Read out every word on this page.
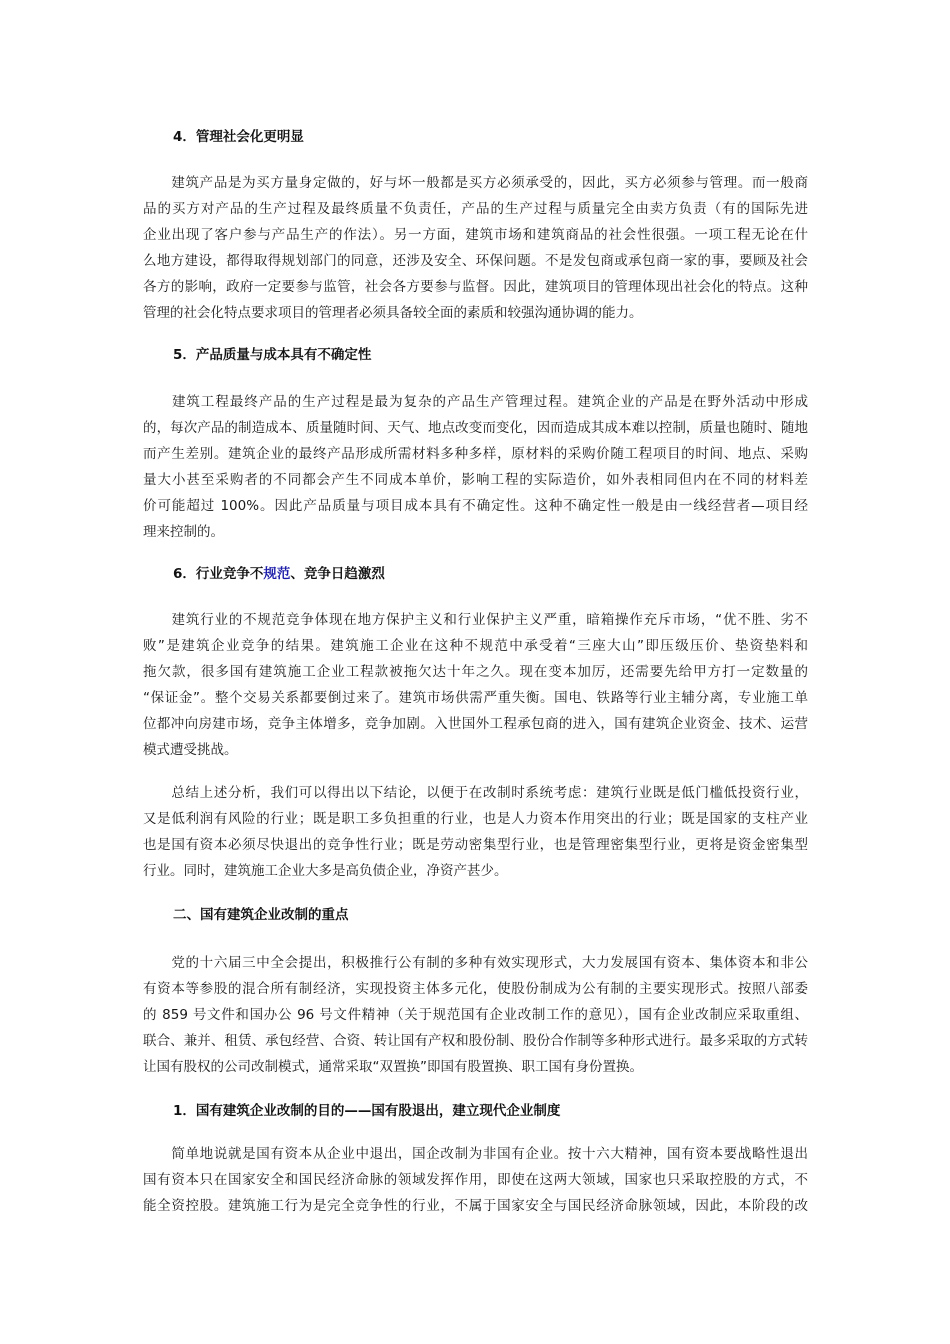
4．管理社会化更明显
　　建筑产品是为买方量身定做的，好与坏一般都是买方必须承受的，因此，买方必须参与管理。而一般商
品的买方对产品的生产过程及最终质量不负责任，产品的生产过程与质量完全由卖方负责（有的国际先进
企业出现了客户参与产品生产的作法）。另一方面，建筑市场和建筑商品的社会性很强。一项工程无论在什
么地方建设，都得取得规划部门的同意，还涉及安全、环保问题。不是发包商或承包商一家的事，要顾及社会
各方的影响，政府一定要参与监管，社会各方要参与监督。因此，建筑项目的管理体现出社会化的特点。这种
管理的社会化特点要求项目的管理者必须具备较全面的素质和较强沟通协调的能力。
5．产品质量与成本具有不确定性
　　建筑工程最终产品的生产过程是最为复杂的产品生产管理过程。建筑企业的产品是在野外活动中形成
的，每次产品的制造成本、质量随时间、天气、地点改变而变化，因而造成其成本难以控制，质量也随时、随地
而产生差别。建筑企业的最终产品形成所需材料多种多样，原材料的采购价随工程项目的时间、地点、采购
量大小甚至采购者的不同都会产生不同成本单价，影响工程的实际造价，如外表相同但内在不同的材料差
价可能超过 100%。因此产品质量与项目成本具有不确定性。这种不确定性一般是由一线经营者—项目经
理来控制的。
6．行业竞争不规范、竞争日趋激烈
　　建筑行业的不规范竞争体现在地方保护主义和行业保护主义严重，暗箱操作充斥市场，“优不胜、劣不
败”是建筑企业竞争的结果。建筑施工企业在这种不规范中承受着“三座大山”即压级压价、垫资垫料和
拖欠款，很多国有建筑施工企业工程款被拖欠达十年之久。现在变本加厉，还需要先给甲方打一定数量的
“保证金”。整个交易关系都要倒过来了。建筑市场供需严重失衡。国电、铁路等行业主辅分离，专业施工单
位都冲向房建市场，竞争主体增多，竞争加剧。入世国外工程承包商的进入，国有建筑企业资金、技术、运营
模式遭受挑战。
　　总结上述分析，我们可以得出以下结论，以便于在改制时系统考虑：建筑行业既是低门槛低投资行业，
又是低利润有风险的行业；既是职工多负担重的行业，也是人力资本作用突出的行业；既是国家的支柱产业
也是国有资本必须尽快退出的竞争性行业；既是劳动密集型行业，也是管理密集型行业，更将是资金密集型
行业。同时，建筑施工企业大多是高负债企业，净资产甚少。
二、国有建筑企业改制的重点
　　党的十六届三中全会提出，积极推行公有制的多种有效实现形式，大力发展国有资本、集体资本和非公
有资本等参股的混合所有制经济，实现投资主体多元化，使股份制成为公有制的主要实现形式。按照八部委
的 859 号文件和国办公 96 号文件精神（关于规范国有企业改制工作的意见），国有企业改制应采取重组、
联合、兼并、租赁、承包经营、合资、转让国有产权和股份制、股份合作制等多种形式进行。最多采取的方式转
让国有股权的公司改制模式，通常采取“双置换”即国有股置换、职工国有身份置换。
1．国有建筑企业改制的目的——国有股退出，建立现代企业制度
　　简单地说就是国有资本从企业中退出，国企改制为非国有企业。按十六大精神，国有资本要战略性退出
国有资本只在国家安全和国民经济命脉的领域发挥作用，即使在这两大领域，国家也只采取控股的方式，不
能全资控股。建筑施工行为是完全竞争性的行业，不属于国家安全与国民经济命脉领域，因此，本阶段的改
